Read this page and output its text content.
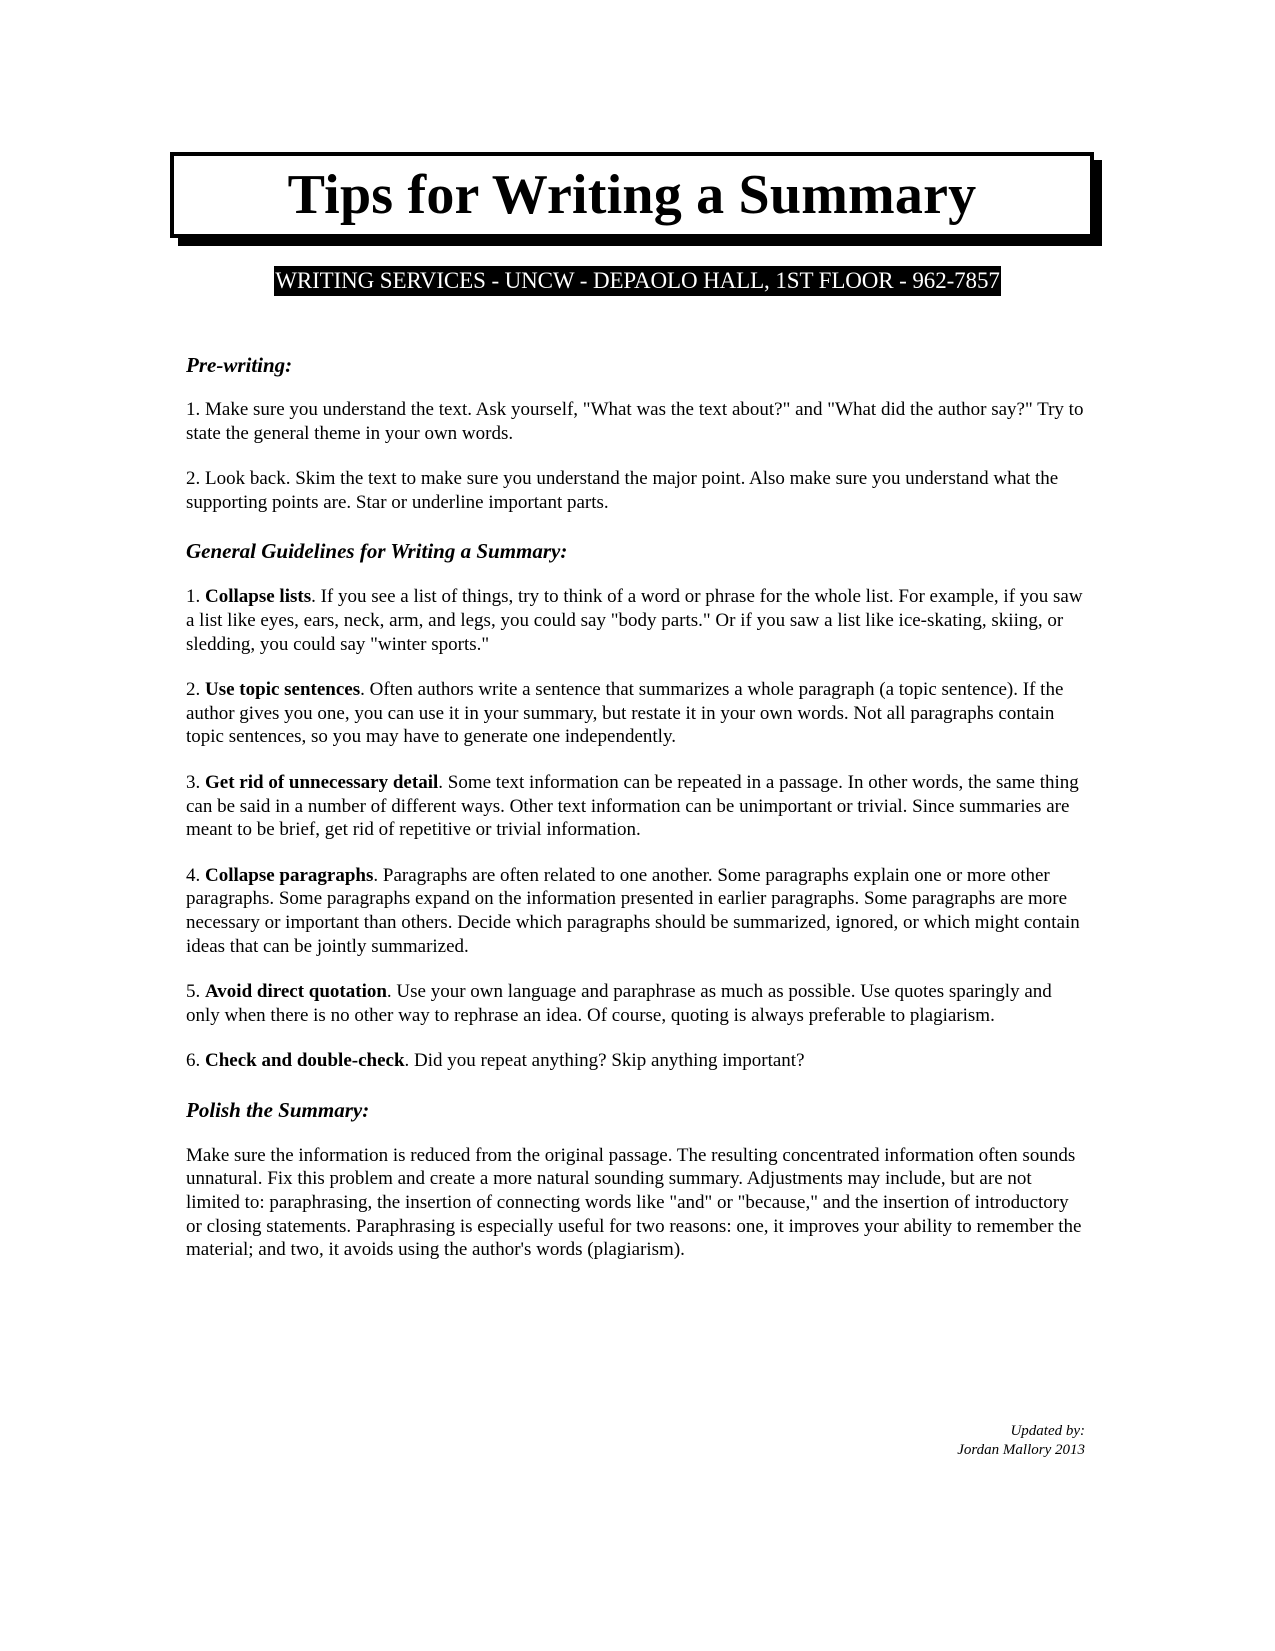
Tips for Writing a Summary
WRITING SERVICES - UNCW - DEPAOLO HALL, 1ST FLOOR - 962-7857
Pre-writing:

1. Make sure you understand the text. Ask yourself, "What was the text about?" and "What did the author say?" Try to state the general theme in your own words.

2. Look back. Skim the text to make sure you understand the major point. Also make sure you understand what the supporting points are. Star or underline important parts.

General Guidelines for Writing a Summary:

1. Collapse lists. If you see a list of things, try to think of a word or phrase for the whole list. For example, if you saw a list like eyes, ears, neck, arm, and legs, you could say "body parts." Or if you saw a list like ice-skating, skiing, or sledding, you could say "winter sports."

2. Use topic sentences. Often authors write a sentence that summarizes a whole paragraph (a topic sentence). If the author gives you one, you can use it in your summary, but restate it in your own words. Not all paragraphs contain topic sentences, so you may have to generate one independently.

3. Get rid of unnecessary detail. Some text information can be repeated in a passage. In other words, the same thing can be said in a number of different ways. Other text information can be unimportant or trivial. Since summaries are meant to be brief, get rid of repetitive or trivial information.

4. Collapse paragraphs. Paragraphs are often related to one another. Some paragraphs explain one or more other paragraphs. Some paragraphs expand on the information presented in earlier paragraphs. Some paragraphs are more necessary or important than others. Decide which paragraphs should be summarized, ignored, or which might contain ideas that can be jointly summarized.

5. Avoid direct quotation. Use your own language and paraphrase as much as possible. Use quotes sparingly and only when there is no other way to rephrase an idea. Of course, quoting is always preferable to plagiarism.

6. Check and double-check. Did you repeat anything? Skip anything important?

Polish the Summary:

Make sure the information is reduced from the original passage. The resulting concentrated information often sounds unnatural. Fix this problem and create a more natural sounding summary. Adjustments may include, but are not limited to: paraphrasing, the insertion of connecting words like "and" or "because," and the insertion of introductory or closing statements. Paraphrasing is especially useful for two reasons: one, it improves your ability to remember the material; and two, it avoids using the author's words (plagiarism).

Updated by:
Jordan Mallory 2013
